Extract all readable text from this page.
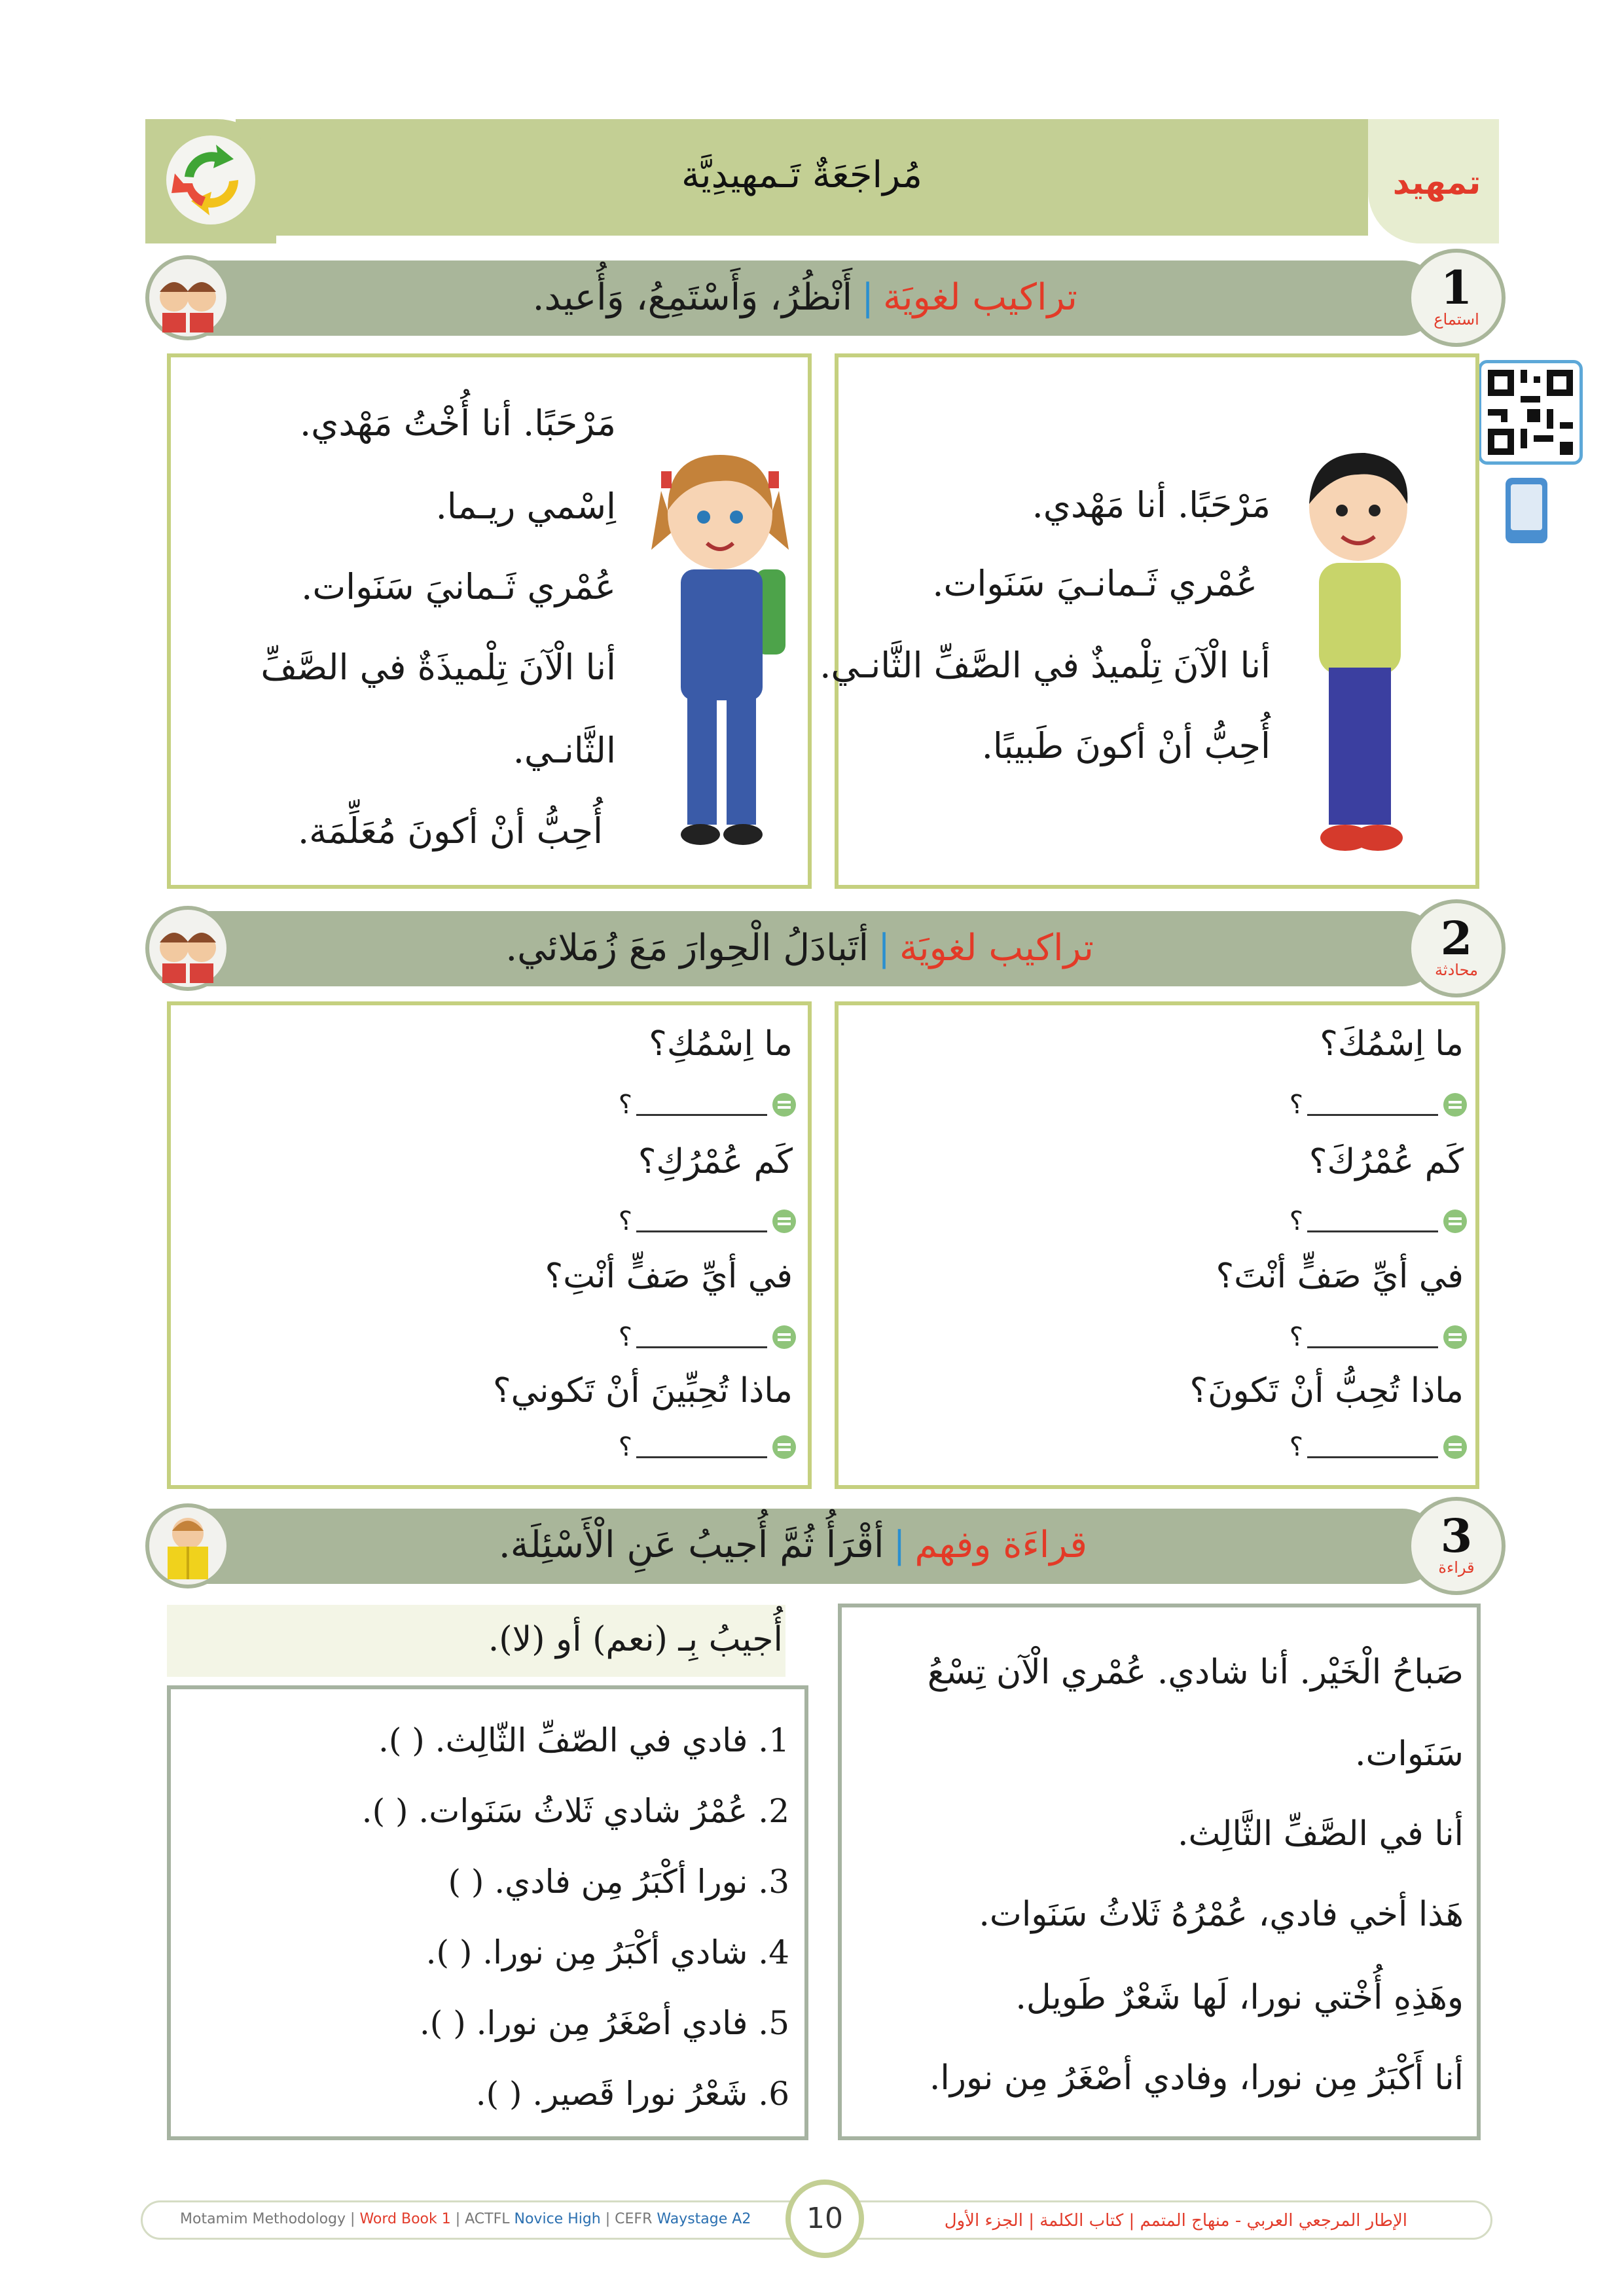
مُراجَعَةٌ تَـمهيدِيَّة	تمهيد
1
استماع
تراكيب لغويَة|أَنْظُرُ، وَأَسْتَمِعُ، وَأُعيد.
مَرْحَبًا. أنا مَهْدي.
عُمْري ثَـمانـيَ سَنَوات.
أنا الْآنَ تِلْميذٌ في الصَّفِّ الثَّانـي.
أُحِبُّ أنْ أكونَ طَبيبًا.
مَرْحَبًا. أنا أُخْتُ مَهْدي.
اِسْمي ريـما.
عُمْري ثَـمانيَ سَنَوات.
أنا الْآنَ تِلْميذَةٌ في الصَّفِّ
الثَّانـي.
أُحِبُّ أنْ أكونَ مُعَلِّمَة.
2
محادثة
تراكيب لغويَة|أتَبادَلُ الْحِوارَ مَعَ زُمَلائي.
ما اِسْمُكَ؟
؟
كَم عُمْرُكَ؟
؟
في أيِّ صَفٍّ أنْتَ؟
؟
ماذا تُحِبُّ أنْ تَكونَ؟
؟
ما اِسْمُكِ؟
؟
كَم عُمْرُكِ؟
؟
في أيِّ صَفٍّ أنْتِ؟
؟
ماذا تُحِبِّينَ أنْ تَكوني؟
؟
3
قراءة
قراءَة وفهم|أقْرَأُ ثُمَّ أُجيبُ عَنِ الْأَسْئِلَة.
أُجيبُ بِـ (نعم) أو (لا).
صَباحُ الْخَيْر. أنا شادي. عُمْري الْآن تِسْعُ
سَنَوات.
أنا في الصَّفِّ الثَّالِث.
هَذا أخي فادي، عُمْرُهُ ثَلاثُ سَنَوات.
وهَذِهِ أُخْتي نورا، لَها شَعْرٌ طَويل.
أنا أَكْبَرُ مِن نورا، وفادي أصْغَرُ مِن نورا.
1. فادي في الصّفِّ الثّالِث. ( ).
2. عُمْرُ شادي ثَلاثُ سَنَوات. ( ).
3. نورا أكْبَرُ مِن فادي. ( )
4. شادي أكْبَرُ مِن نورا. ( ).
5. فادي أصْغَرُ مِن نورا. ( ).
6. شَعْرُ نورا قَصير. ( ).
Motamim Methodology | Word Book 1 | ACTFL Novice High | CEFR Waystage A2	10	الإطار المرجعي العربي - منهاج المتمم | كتاب الكلمة | الجزء الأول
